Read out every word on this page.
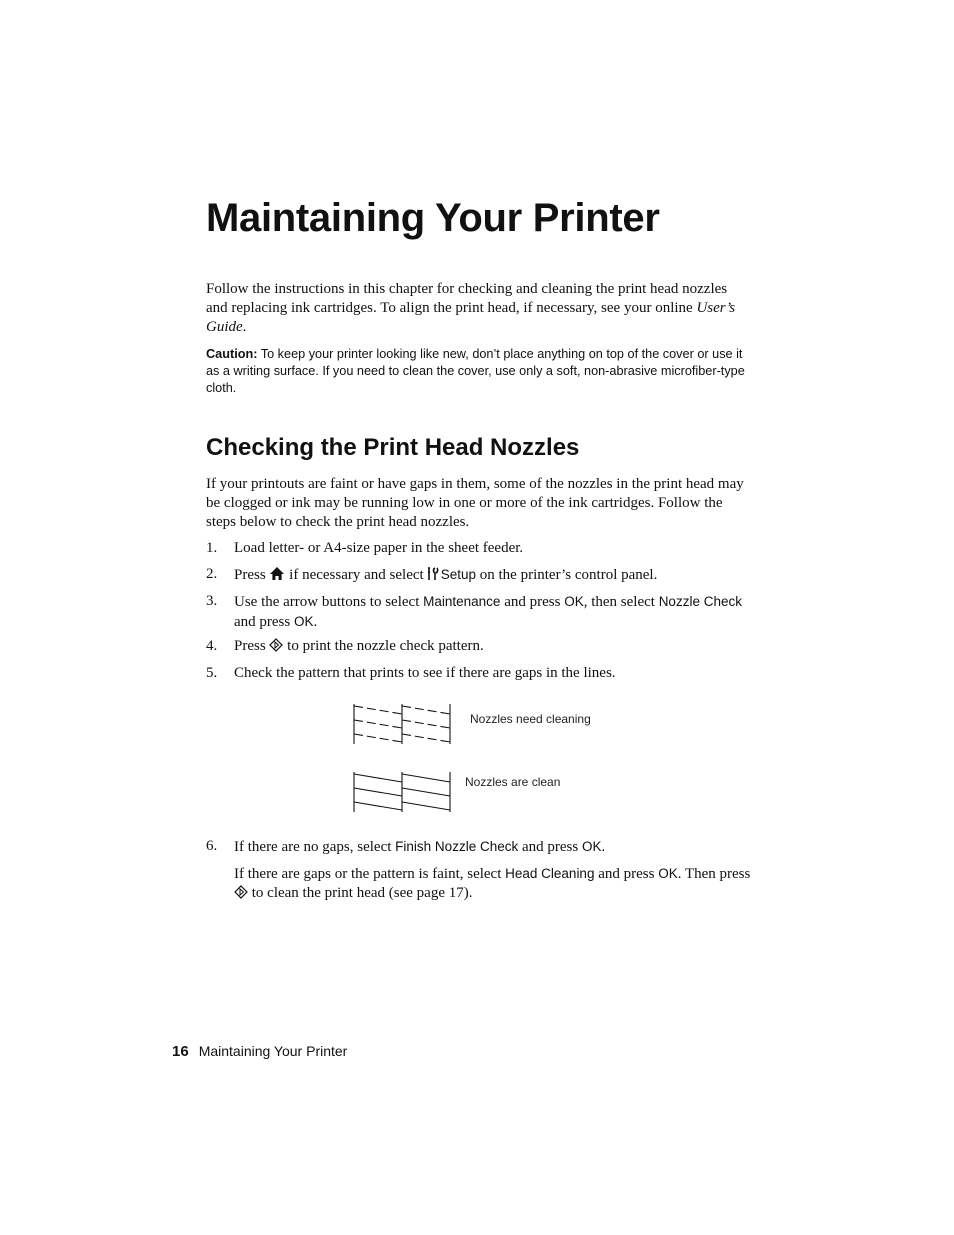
Maintaining Your Printer

Follow the instructions in this chapter for checking and cleaning the print head nozzles and replacing ink cartridges. To align the print head, if necessary, see your online User’s Guide.

Caution: To keep your printer looking like new, don’t place anything on top of the cover or use it as a writing surface. If you need to clean the cover, use only a soft, non-abrasive microfiber-type cloth.

Checking the Print Head Nozzles

If your printouts are faint or have gaps in them, some of the nozzles in the print head may be clogged or ink may be running low in one or more of the ink cartridges. Follow the steps below to check the print head nozzles.

1. Load letter- or A4-size paper in the sheet feeder.
2. Press  if necessary and select  Setup on the printer’s control panel.
3. Use the arrow buttons to select Maintenance and press OK, then select Nozzle Check and press OK.
4. Press  to print the nozzle check pattern.
5. Check the pattern that prints to see if there are gaps in the lines.
Nozzles need cleaning
Nozzles are clean
6. If there are no gaps, select Finish Nozzle Check and press OK.
If there are gaps or the pattern is faint, select Head Cleaning and press OK. Then press  to clean the print head (see page 17).
16 Maintaining Your Printer
